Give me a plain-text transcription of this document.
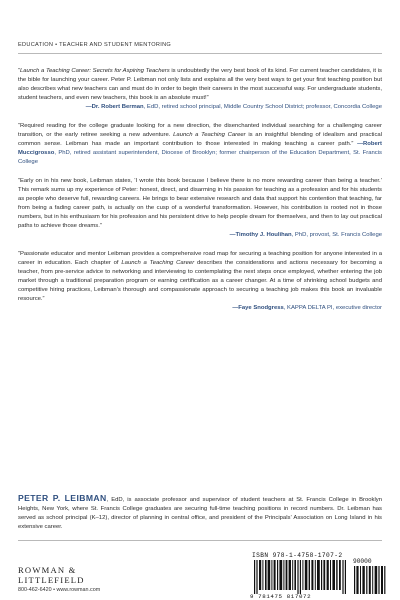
EDUCATION • TEACHER AND STUDENT MENTORING

“Launch a Teaching Career: Secrets for Aspiring Teachers is undoubtedly the very best book of its kind. For current teacher candidates, it is the bible for launching your career. Peter P. Leibman not only lists and explains all the very best ways to get your first teaching position but also describes what new teachers can and must do in order to begin their careers in the most successful way. For undergraduate students, student teachers, and even new teachers, this book is an absolute must!”
—Dr. Robert Berman, EdD, retired school principal, Middle Country School District; professor, Concordia College

“Required reading for the college graduate looking for a new direction, the disenchanted individual searching for a challenging career transition, or the early retiree seeking a new adventure. Launch a Teaching Career is an insightful blending of idealism and practical common sense. Leibman has made an important contribution to those interested in making teaching a career path.” —Robert Muccigrosso, PhD, retired assistant superintendent, Diocese of Brooklyn; former chairperson of the Education Department, St. Francis College

“Early on in his new book, Leibman states, ‘I wrote this book because I believe there is no more rewarding career than being a teacher.’ This remark sums up my experience of Peter: honest, direct, and disarming in his passion for teaching as a profession and for his students as people who deserve full, rewarding careers. He brings to bear extensive research and data that support his contention that teaching, far from being a fading career path, is actually on the cusp of a wonderful transformation. However, his contribution is rooted not in those numbers, but in his enthusiasm for his profession and his persistent drive to help people dream for themselves, and then to lay out practical paths to achieve those dreams.”

—Timothy J. Houlihan, PhD, provost, St. Francis College

“Passionate educator and mentor Leibman provides a comprehensive road map for securing a teaching position for anyone interested in a career in education. Each chapter of Launch a Teaching Career describes the considerations and actions necessary for becoming a teacher, from pre-service advice to networking and interviewing to contemplating the next steps once employed, whether entering the job market through a traditional preparation program or earning certification as a career changer. At a time of shrinking school budgets and competitive hiring practices, Leibman’s thorough and compassionate approach to securing a teaching job makes this book an invaluable resource.”

—Faye Snodgress, KAPPA DELTA PI, executive director
PETER P. LEIBMAN, EdD, is associate professor and supervisor of student teachers at St. Francis College in Brooklyn Heights, New York, where St. Francis College graduates are securing full-time teaching positions in record numbers. Dr. Leibman has served as school principal (K–12), director of planning in central office, and president of the Principals’ Association on Long Island in his extensive career.
ROWMAN &
LITTLEFIELD
800-462-6420 • www.rowman.com
ISBN 978-1-4758-1707-2
90000
9 781475 817072
